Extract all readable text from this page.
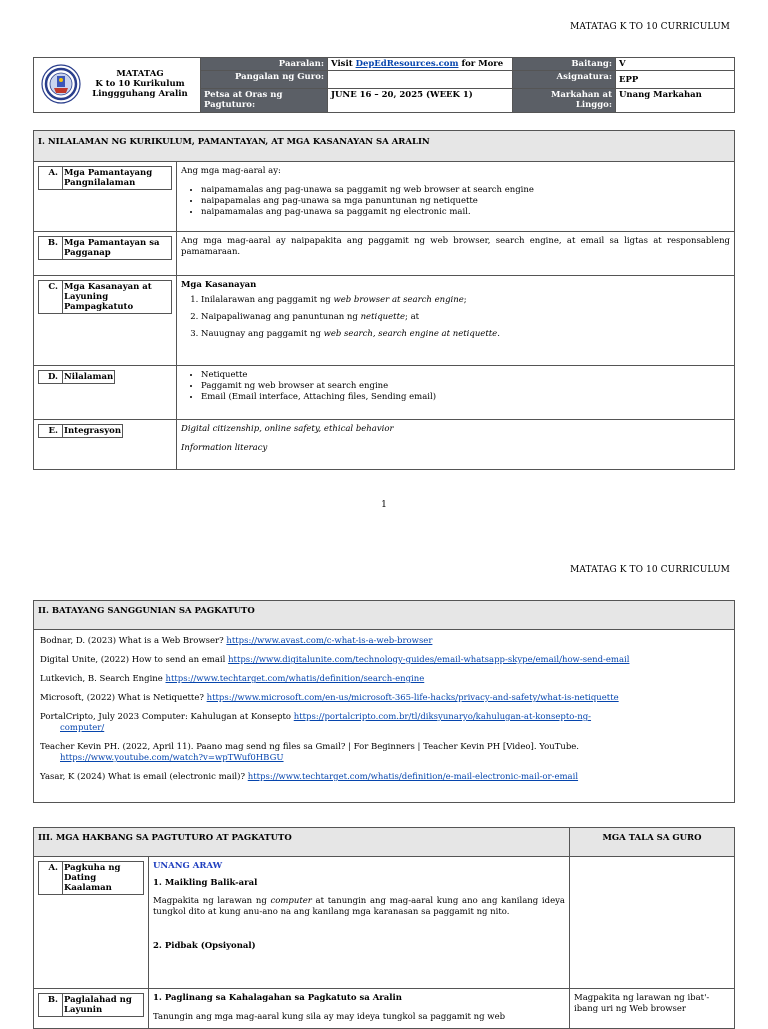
MATATAG K TO 10 CURRICULUM
MATATAG
K to 10 Kurikulum
Linggguhang Aralin	Paaralan:	Visit DepEdResources.com for More	Baitang:	V
	Pangalan ng Guro:		Asignatura:	EPP
	Petsa at Oras ng Pagtuturo:	JUNE 16 – 20, 2025 (WEEK 1)	Markahan at Linggo:	Unang Markahan
I. NILALAMAN NG KURIKULUM, PAMANTAYAN, AT MGA KASANAYAN SA ARALIN

A.	Mga Pamantayang Pangnilalaman

Ang mga mag-aaral ay:
• naipamamalas ang pag-unawa sa paggamit ng web browser at search engine
• naipapamalas ang pag-unawa sa mga panuntunan ng netiquette
• naipamamalas ang pag-unawa sa paggamit ng electronic mail.

B.	Mga Pamantayan sa Pagganap
	Ang mga mag-aaral ay naipapakita ang paggamit ng web browser, search engine, at email sa ligtas at responsableng pamamaraan.

C.	Mga Kasanayan at Layuning Pampagkatuto

Mga Kasanayan
1. Inilalarawan ang paggamit ng web browser at search engine;
2. Naipapaliwanag ang panuntunan ng netiquette; at
3. Nauugnay ang paggamit ng web search, search engine at netiquette.

D.	Nilalaman
		• Netiquette
• Paggamit ng web browser at search engine
• Email (Email interface, Attaching files, Sending email)

E.	Integrasyon
		Digital citizenship, online safety, ethical behavior
Information literacy
1
MATATAG K TO 10 CURRICULUM
II. BATAYANG SANGGUNIAN SA PAGKATUTO

Bodnar, D. (2023) What is a Web Browser? https://www.avast.com/c-what-is-a-web-browser

Digital Unite, (2022) How to send an email https://www.digitalunite.com/technology-guides/email-whatsapp-skype/email/how-send-email

Lutkevich, B. Search Engine https://www.techtarget.com/whatis/definition/search-engine

Microsoft, (2022) What is Netiquette? https://www.microsoft.com/en-us/microsoft-365-life-hacks/privacy-and-safety/what-is-netiquette

PortalCripto, July 2023 Computer: Kahulugan at Konsepto https://portalcripto.com.br/tl/diksyunaryo/kahulugan-at-konsepto-ng-
computer/

Teacher Kevin PH. (2022, April 11). Paano mag send ng files sa Gmail? | For Beginners | Teacher Kevin PH [Video]. YouTube.
https://www.youtube.com/watch?v=wpTWuf0HBGU

Yasar, K (2024) What is email (electronic mail)? https://www.techtarget.com/whatis/definition/e-mail-electronic-mail-or-email

III. MGA HAKBANG SA PAGTUTURO AT PAGKATUTO	MGA TALA SA GURO

A.	Pagkuha ng Dating Kaalaman

UNANG ARAW
1. Maikling Balik-aral
Magpakita ng larawan ng computer at tanungin ang mag-aaral kung ano ang kanilang ideya tungkol dito at kung anu-ano na ang kanilang mga karanasan sa paggamit ng nito.
2. Pidbak (Opsiyonal)

B.	Paglalahad ng Layunin

1. Paglinang sa Kahalagahan sa Pagkatuto sa Aralin
Tanungin ang mga mag-aaral kung sila ay may ideya tungkol sa paggamit ng web
	Magpakita ng larawan ng ibat'-ibang uri ng Web browser
